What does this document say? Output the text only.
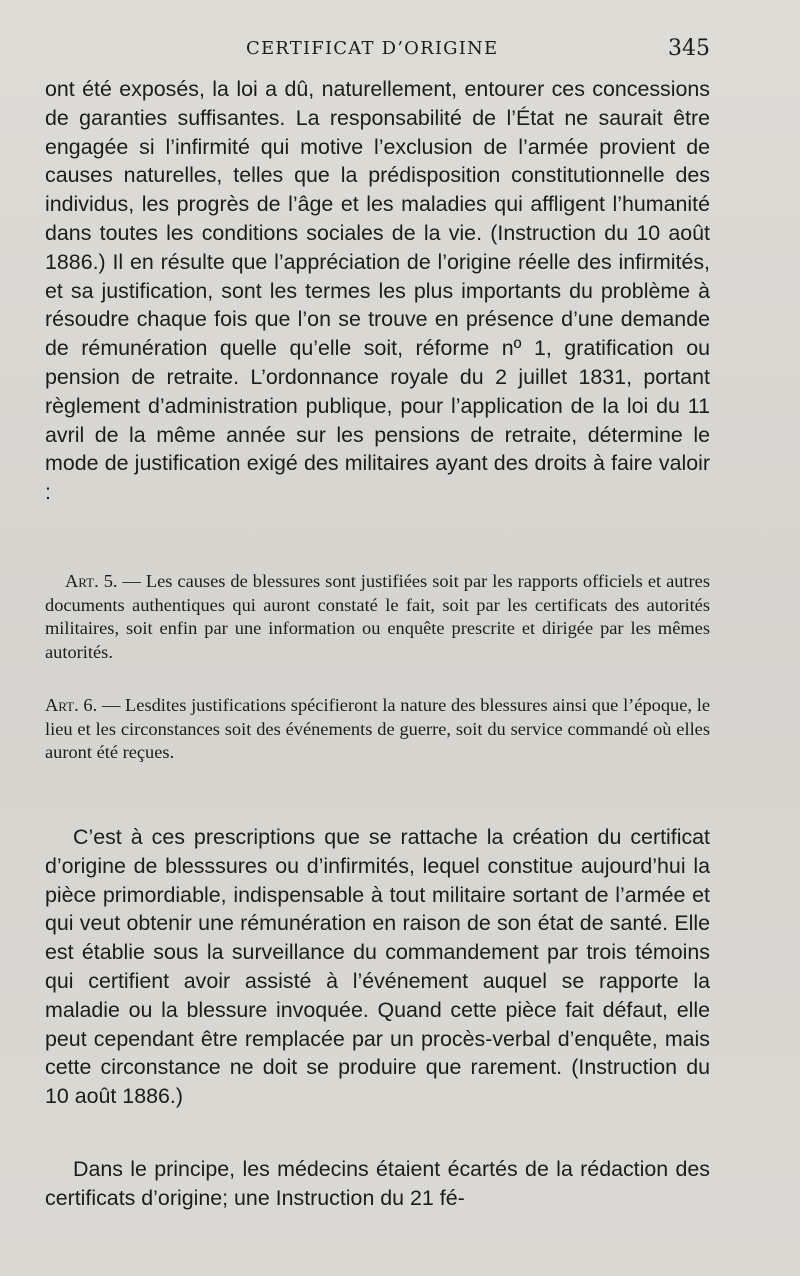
CERTIFICAT D’ORIGINE	345

ont été exposés, la loi a dû, naturellement, entourer ces concessions de garanties suffisantes. La responsabilité de l’État ne saurait être engagée si l’infirmité qui motive l’exclusion de l’armée provient de causes naturelles, telles que la prédisposition constitutionnelle des individus, les progrès de l’âge et les maladies qui affligent l’humanité dans toutes les conditions sociales de la vie. (Instruction du 10 août 1886.) Il en résulte que l’appréciation de l’origine réelle des infirmités, et sa justification, sont les termes les plus importants du problème à résoudre chaque fois que l’on se trouve en présence d’une demande de rémunération quelle qu’elle soit, réforme nº 1, gratification ou pension de retraite. L’ordonnance royale du 2 juillet 1831, portant règlement d’administration publique, pour l’application de la loi du 11 avril de la même année sur les pensions de retraite, détermine le mode de justification exigé des militaires ayant des droits à faire valoir :

Art. 5. — Les causes de blessures sont justifiées soit par les rapports officiels et autres documents authentiques qui auront constaté le fait, soit par les certificats des autorités militaires, soit enfin par une information ou enquête prescrite et dirigée par les mêmes autorités.

Art. 6. — Lesdites justifications spécifieront la nature des blessures ainsi que l’époque, le lieu et les circonstances soit des événements de guerre, soit du service commandé où elles auront été reçues.

C’est à ces prescriptions que se rattache la création du certificat d’origine de blesssures ou d’infirmités, lequel constitue aujourd’hui la pièce primordiable, indispensable à tout militaire sortant de l’armée et qui veut obtenir une rémunération en raison de son état de santé. Elle est établie sous la surveillance du commandement par trois témoins qui certifient avoir assisté à l’événement auquel se rapporte la maladie ou la blessure invoquée. Quand cette pièce fait défaut, elle peut cependant être remplacée par un procès-verbal d’enquête, mais cette circonstance ne doit se produire que rarement. (Instruction du 10 août 1886.)

Dans le principe, les médecins étaient écartés de la rédaction des certificats d’origine; une Instruction du 21 fé-
